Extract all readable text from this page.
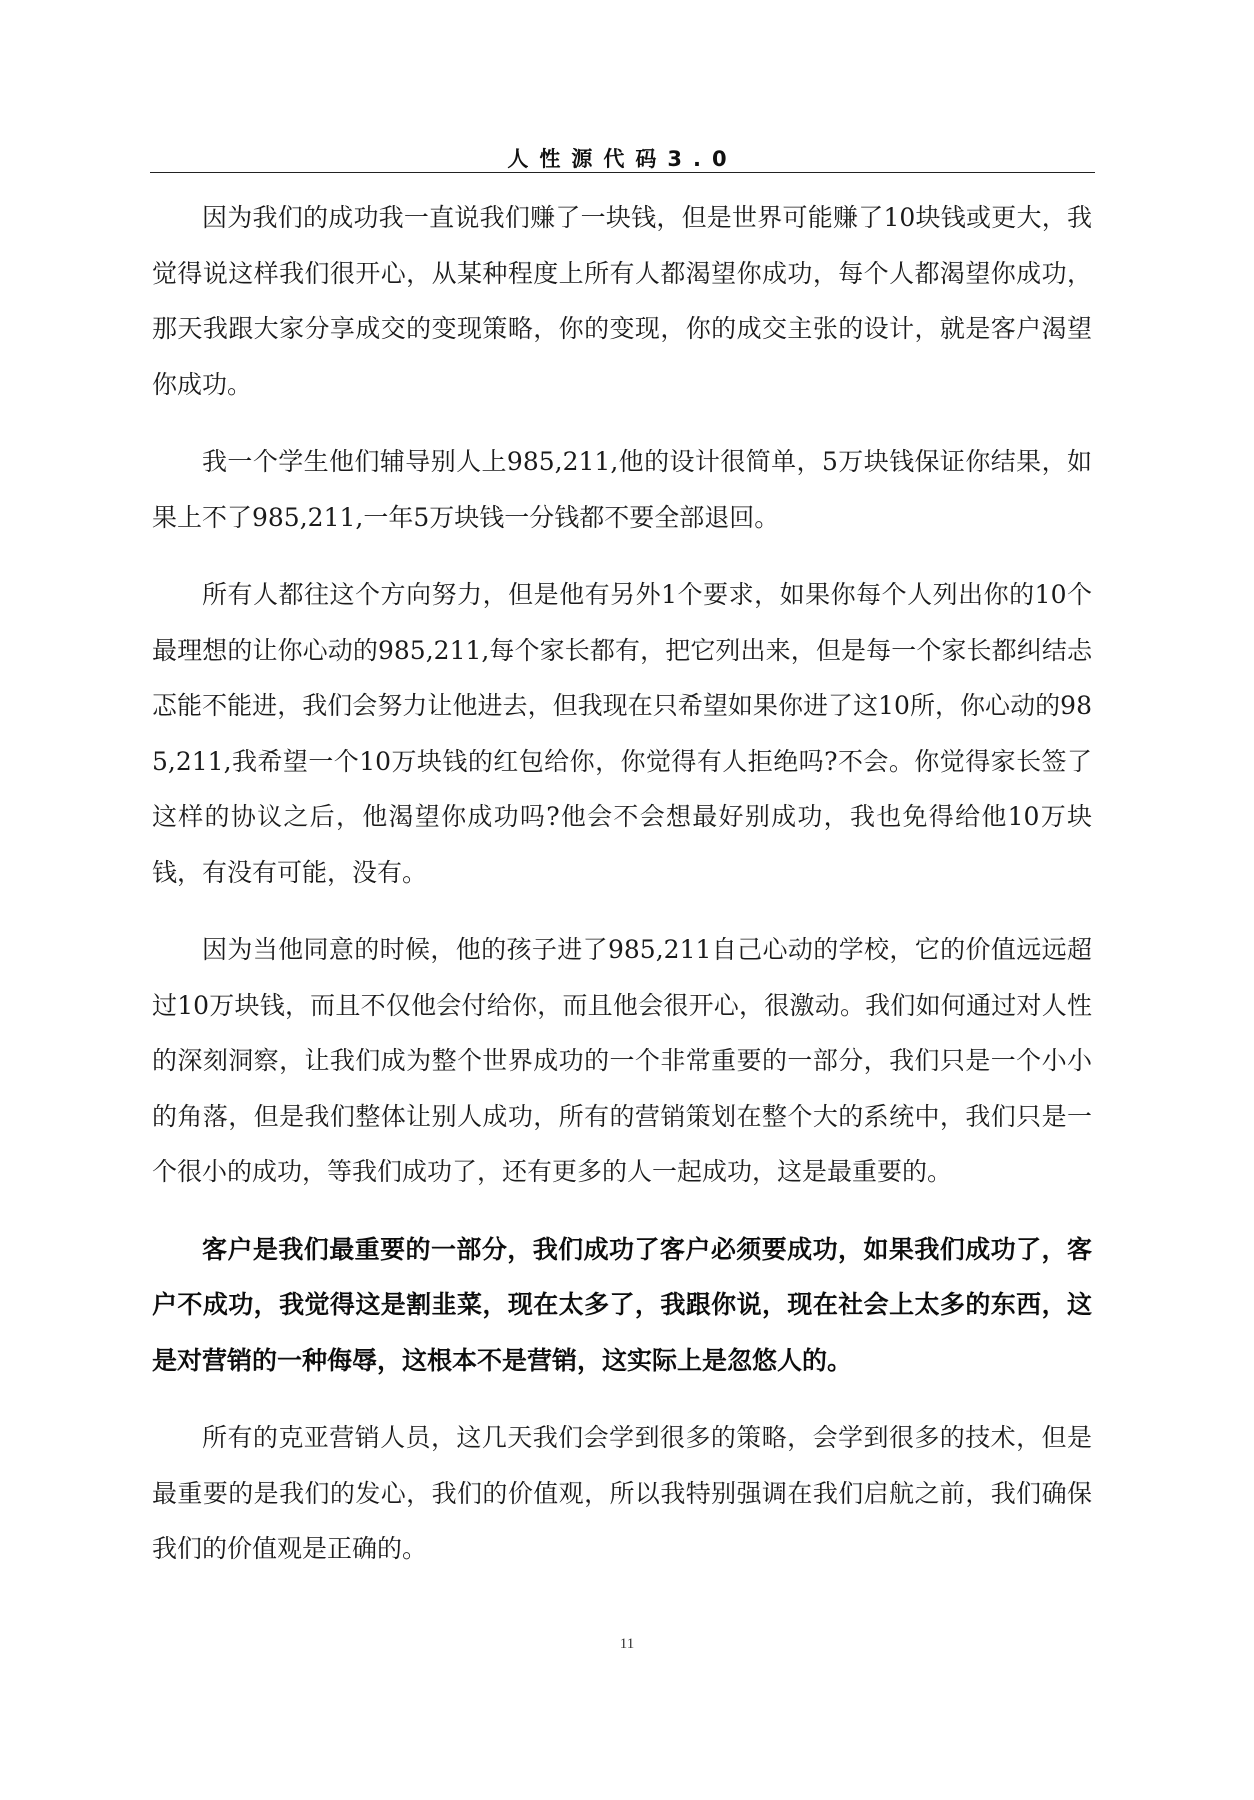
人性源代码3.0

因为我们的成功我一直说我们赚了一块钱，但是世界可能赚了10块钱或更大，我觉得说这样我们很开心，从某种程度上所有人都渴望你成功，每个人都渴望你成功，那天我跟大家分享成交的变现策略，你的变现，你的成交主张的设计，就是客户渴望你成功。

我一个学生他们辅导别人上985,211,他的设计很简单，5万块钱保证你结果，如果上不了985,211,一年5万块钱一分钱都不要全部退回。

所有人都往这个方向努力，但是他有另外1个要求，如果你每个人列出你的10个最理想的让你心动的985,211,每个家长都有，把它列出来，但是每一个家长都纠结忐忑能不能进，我们会努力让他进去，但我现在只希望如果你进了这10所，你心动的985,211,我希望一个10万块钱的红包给你，你觉得有人拒绝吗?不会。你觉得家长签了这样的协议之后，他渴望你成功吗?他会不会想最好别成功，我也免得给他10万块钱，有没有可能，没有。

因为当他同意的时候，他的孩子进了985,211自己心动的学校，它的价值远远超过10万块钱，而且不仅他会付给你，而且他会很开心，很激动。我们如何通过对人性的深刻洞察，让我们成为整个世界成功的一个非常重要的一部分，我们只是一个小小的角落，但是我们整体让别人成功，所有的营销策划在整个大的系统中，我们只是一个很小的成功，等我们成功了，还有更多的人一起成功，这是最重要的。

客户是我们最重要的一部分，我们成功了客户必须要成功，如果我们成功了，客户不成功，我觉得这是割韭菜，现在太多了，我跟你说，现在社会上太多的东西，这是对营销的一种侮辱，这根本不是营销，这实际上是忽悠人的。

所有的克亚营销人员，这几天我们会学到很多的策略，会学到很多的技术，但是最重要的是我们的发心，我们的价值观，所以我特别强调在我们启航之前，我们确保我们的价值观是正确的。

11
